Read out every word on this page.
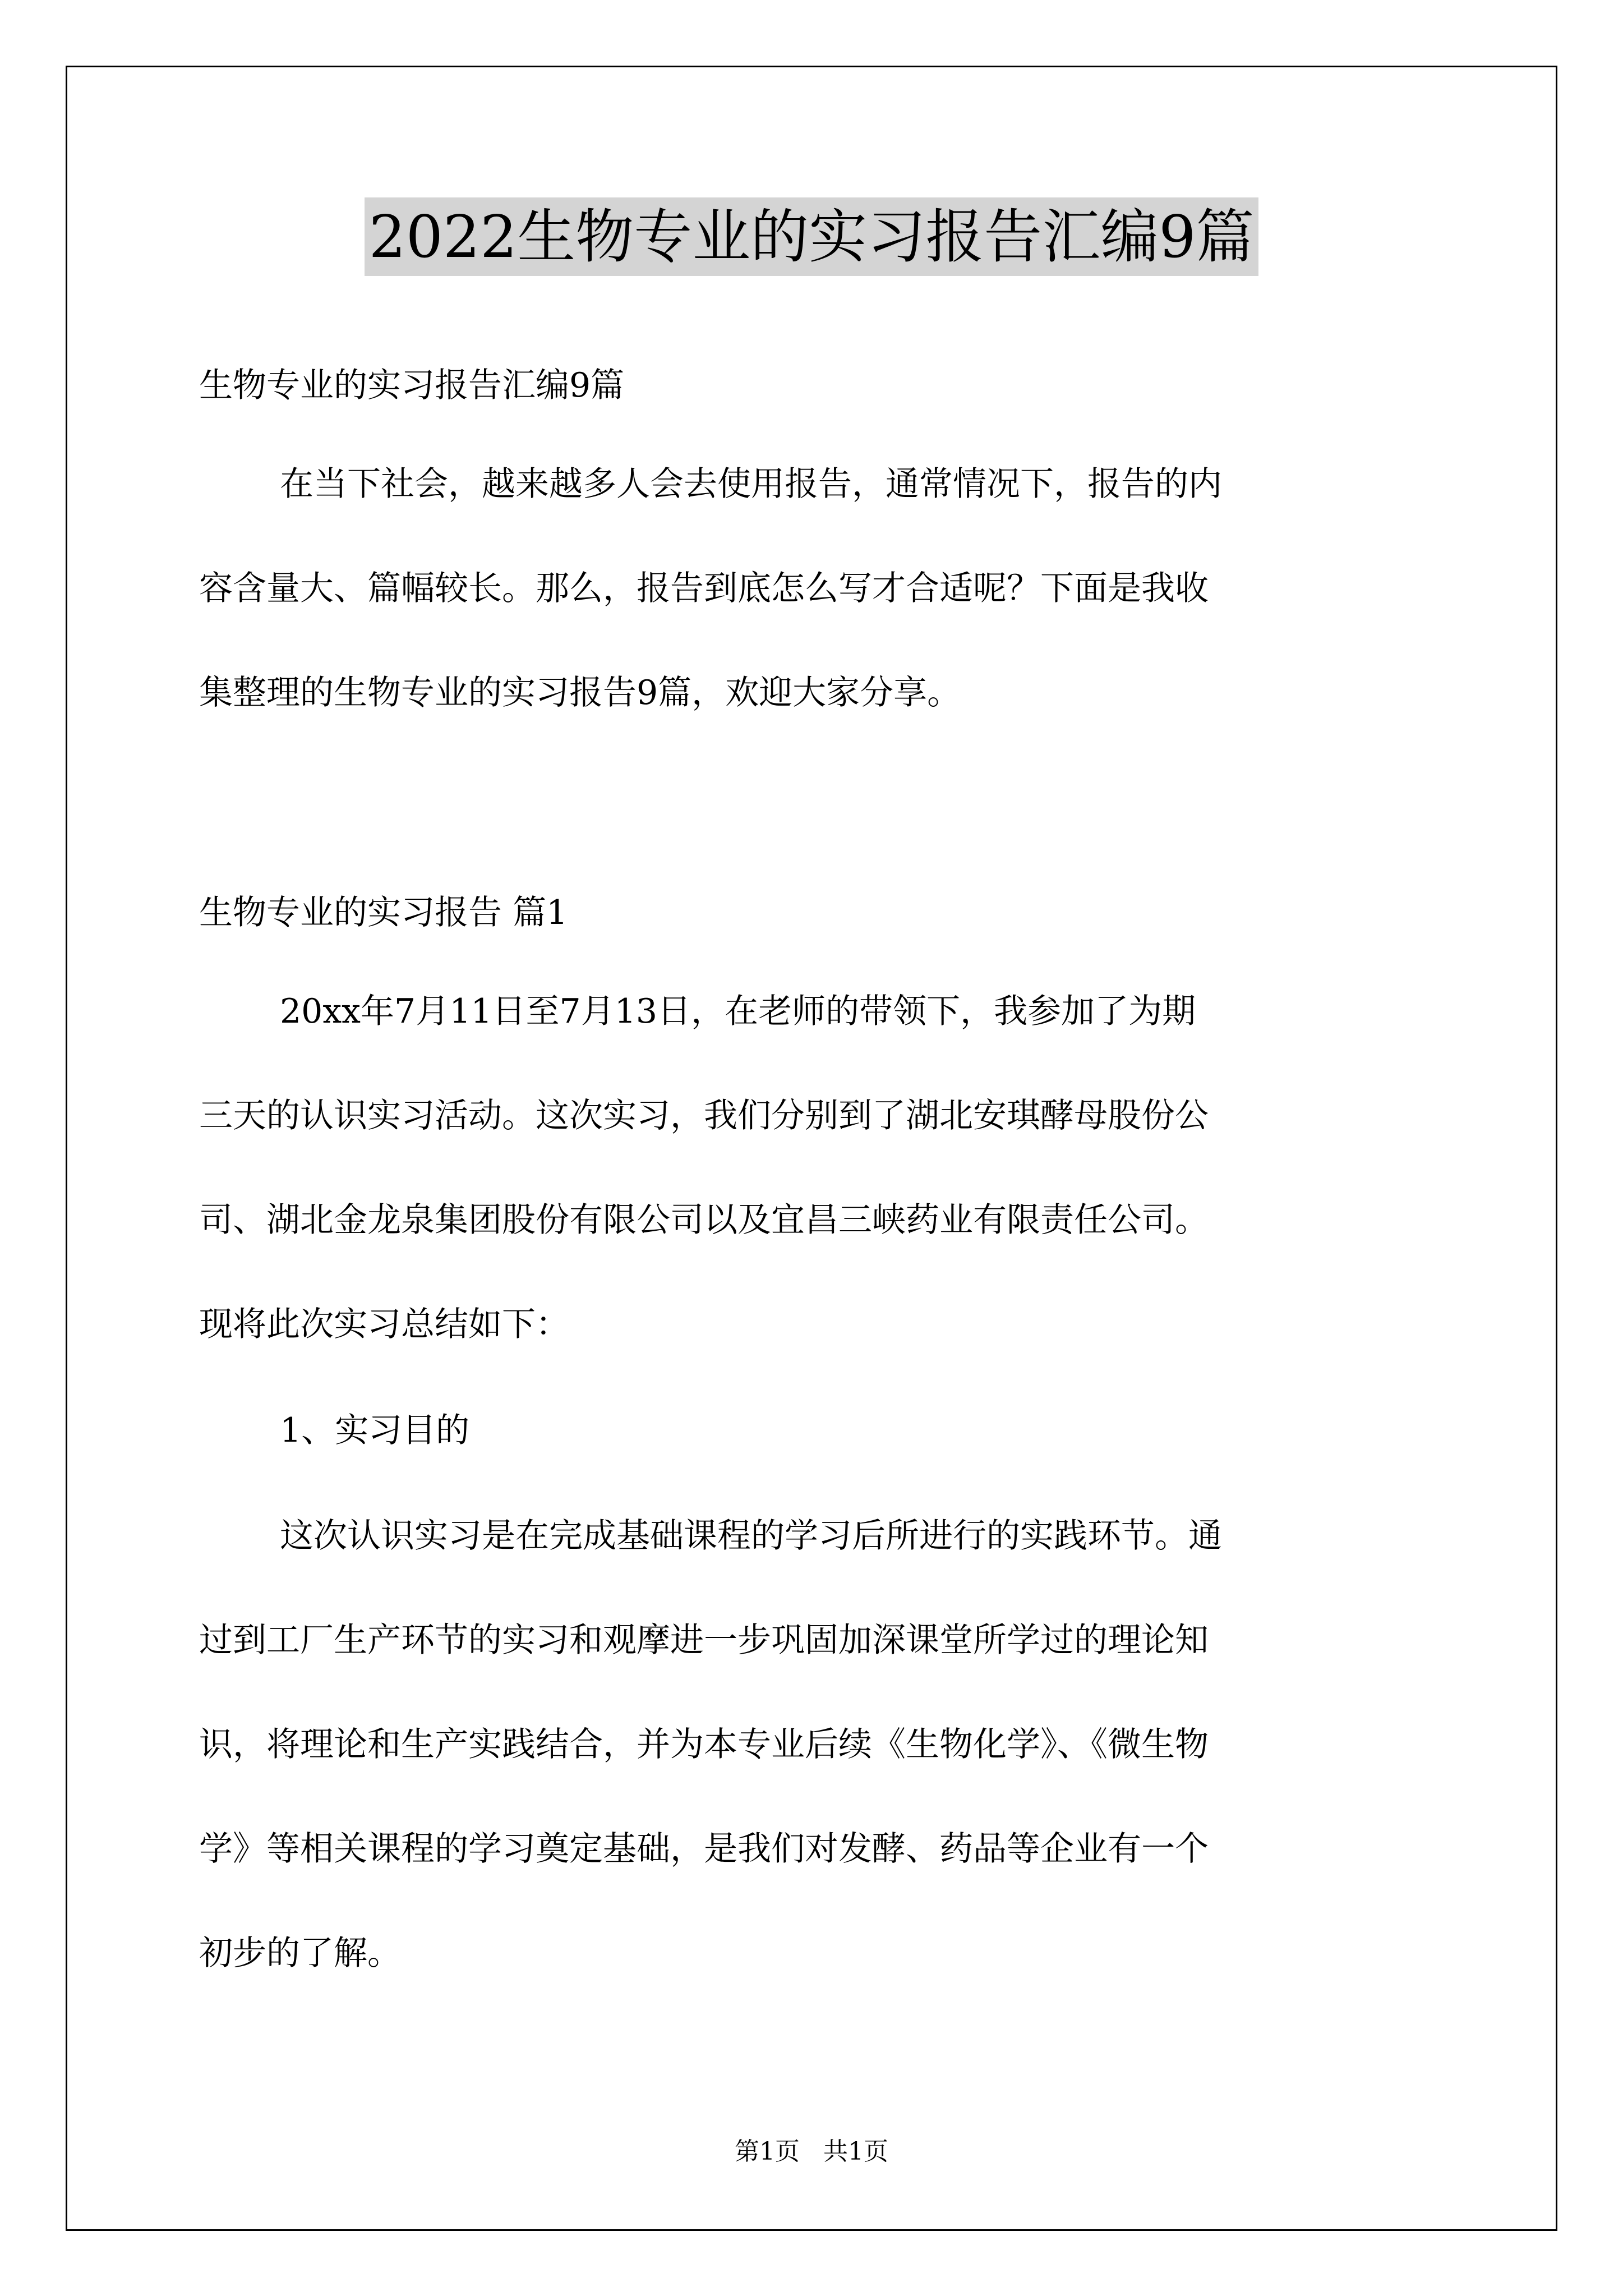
2022生物专业的实习报告汇编9篇

生物专业的实习报告汇编9篇

在当下社会，越来越多人会去使用报告，通常情况下，报告的内
容含量大、篇幅较长。那么，报告到底怎么写才合适呢？下面是我收
集整理的生物专业的实习报告9篇，欢迎大家分享。

生物专业的实习报告 篇1

20xx年7月11日至7月13日，在老师的带领下，我参加了为期
三天的认识实习活动。这次实习，我们分别到了湖北安琪酵母股份公
司、湖北金龙泉集团股份有限公司以及宜昌三峡药业有限责任公司。
现将此次实习总结如下：
1、实习目的
这次认识实习是在完成基础课程的学习后所进行的实践环节。通
过到工厂生产环节的实习和观摩进一步巩固加深课堂所学过的理论知
识，将理论和生产实践结合，并为本专业后续《生物化学》、《微生物
学》等相关课程的学习奠定基础，是我们对发酵、药品等企业有一个
初步的了解。
第1页   共1页
